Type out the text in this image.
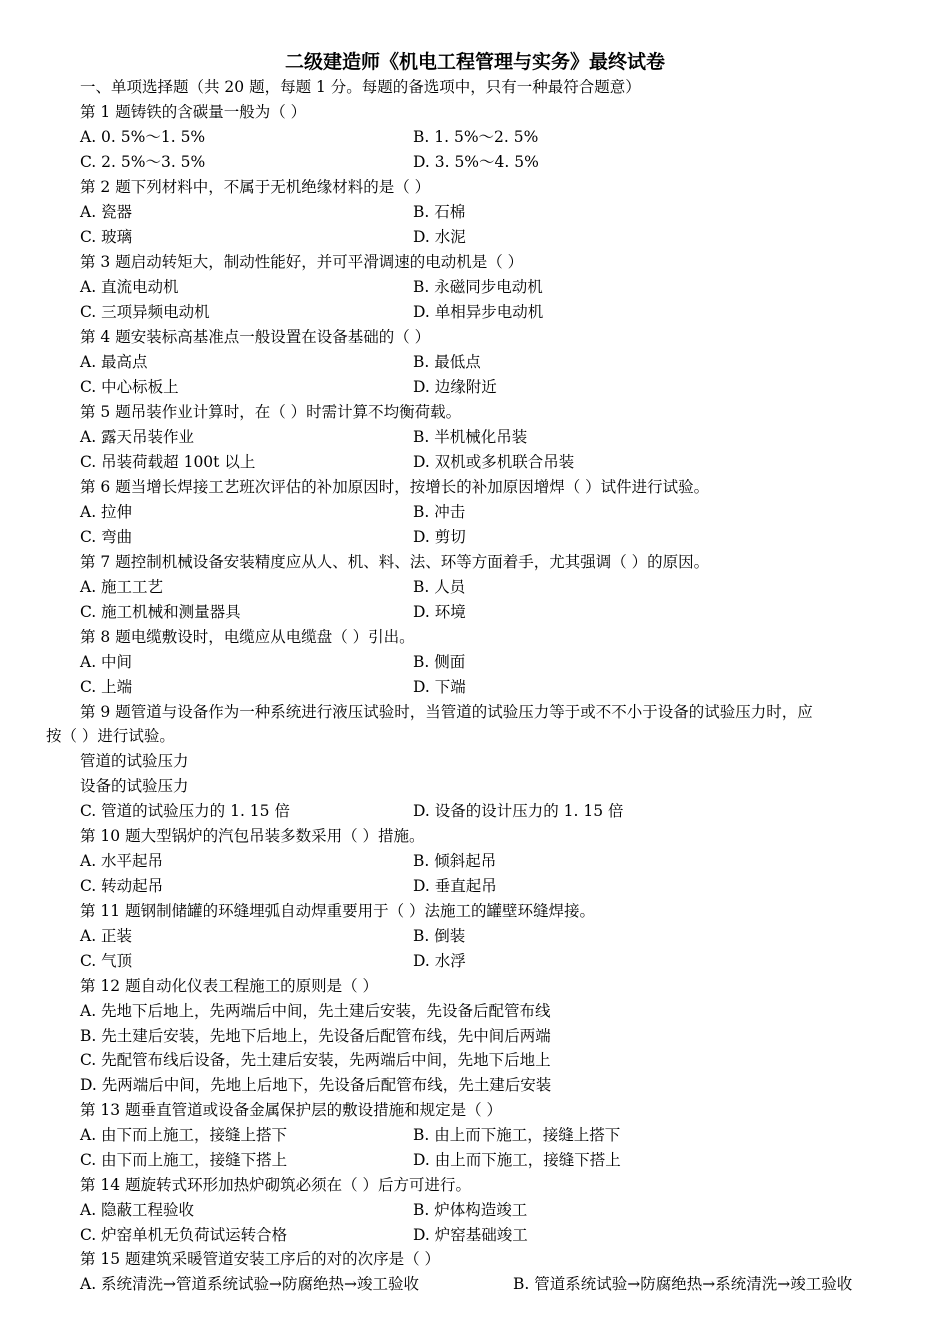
二级建造师《机电工程管理与实务》最终试卷
一、单项选择题（共 20 题，每题 1 分。每题的备选项中，只有一种最符合题意）
第 1 题铸铁的含碳量一般为（ ）
A. 0. 5%～1. 5%	B. 1. 5%～2. 5%
C. 2. 5%～3. 5%	D. 3. 5%～4. 5%
第 2 题下列材料中，不属于无机绝缘材料的是（ ）
A. 瓷器	B. 石棉
C. 玻璃	D. 水泥
第 3 题启动转矩大，制动性能好，并可平滑调速的电动机是（ ）
A. 直流电动机	B. 永磁同步电动机
C. 三项异频电动机	D. 单相异步电动机
第 4 题安装标高基准点一般设置在设备基础的（ ）
A. 最高点	B. 最低点
C. 中心标板上	D. 边缘附近
第 5 题吊装作业计算时，在（ ）时需计算不均衡荷载。
A. 露天吊装作业	B. 半机械化吊装
C. 吊装荷载超 100t 以上	D. 双机或多机联合吊装
第 6 题当增长焊接工艺班次评估的补加原因时，按增长的补加原因增焊（ ）试件进行试验。
A. 拉伸	B. 冲击
C. 弯曲	D. 剪切
第 7 题控制机械设备安装精度应从人、机、料、法、环等方面着手，尤其强调（ ）的原因。
A. 施工工艺	B. 人员
C. 施工机械和测量器具	D. 环境
第 8 题电缆敷设时，电缆应从电缆盘（ ）引出。
A. 中间	B. 侧面
C. 上端	D. 下端
第 9 题管道与设备作为一种系统进行液压试验时，当管道的试验压力等于或不不小于设备的试验压力时，应
按（ ）进行试验。
管道的试验压力
设备的试验压力
C. 管道的试验压力的 1. 15 倍	D. 设备的设计压力的 1. 15 倍
第 10 题大型锅炉的汽包吊装多数采用（ ）措施。
A. 水平起吊	B. 倾斜起吊
C. 转动起吊	D. 垂直起吊
第 11 题钢制储罐的环缝埋弧自动焊重要用于（ ）法施工的罐壁环缝焊接。
A. 正装	B. 倒装
C. 气顶	D. 水浮
第 12 题自动化仪表工程施工的原则是（ ）
A. 先地下后地上，先两端后中间，先土建后安装，先设备后配管布线
B. 先土建后安装，先地下后地上，先设备后配管布线，先中间后两端
C. 先配管布线后设备，先土建后安装，先两端后中间，先地下后地上
D. 先两端后中间，先地上后地下，先设备后配管布线，先土建后安装
第 13 题垂直管道或设备金属保护层的敷设措施和规定是（ ）
A. 由下而上施工，接缝上搭下	B. 由上而下施工，接缝上搭下
C. 由下而上施工，接缝下搭上	D. 由上而下施工，接缝下搭上
第 14 题旋转式环形加热炉砌筑必须在（ ）后方可进行。
A. 隐蔽工程验收	B. 炉体构造竣工
C. 炉窑单机无负荷试运转合格	D. 炉窑基础竣工
第 15 题建筑采暖管道安装工序后的对的次序是（ ）
A. 系统清洗→管道系统试验→防腐绝热→竣工验收	B. 管道系统试验→防腐绝热→系统清洗→竣工验收
